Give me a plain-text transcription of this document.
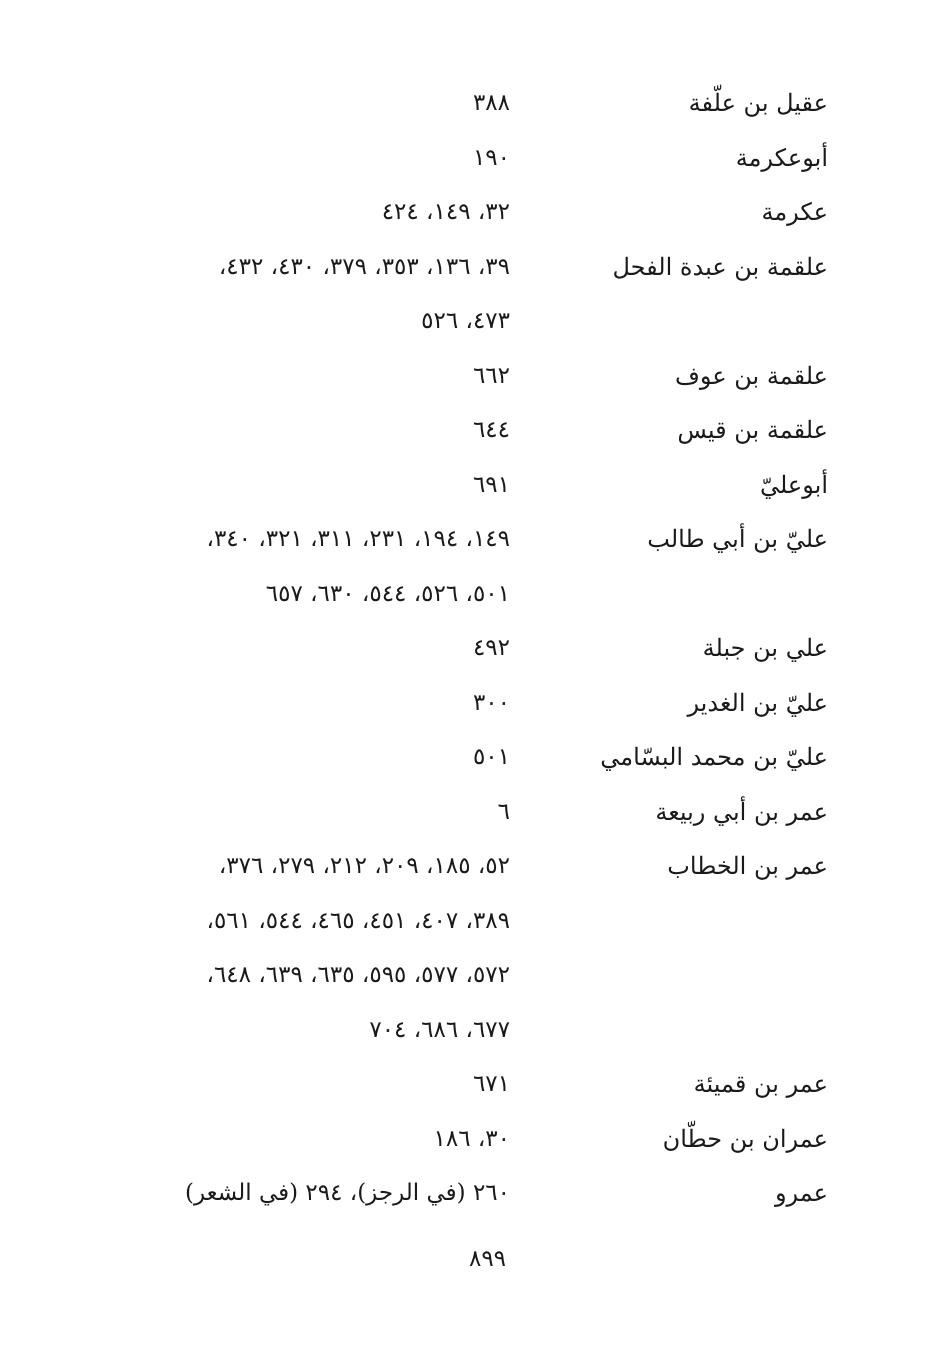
عقيل بن علّفة
٣٨٨
أبوعكرمة
١٩٠
عكرمة
٣٢، ١٤٩، ٤٢٤
علقمة بن عبدة الفحل
٣٩، ١٣٦، ٣٥٣، ٣٧٩، ٤٣٠، ٤٣٢،
٤٧٣، ٥٢٦
علقمة بن عوف
٦٦٢
علقمة بن قيس
٦٤٤
أبوعليّ
٦٩١
عليّ بن أبي طالب
١٤٩، ١٩٤، ٢٣١، ٣١١، ٣٢١، ٣٤٠،
٥٠١، ٥٢٦، ٥٤٤، ٦٣٠، ٦٥٧
علي بن جبلة
٤٩٢
عليّ بن الغدير
٣٠٠
عليّ بن محمد البسّامي
٥٠١
عمر بن أبي ربيعة
٦
عمر بن الخطاب
٥٢، ١٨٥، ٢٠٩، ٢١٢، ٢٧٩، ٣٧٦،
٣٨٩، ٤٠٧، ٤٥١، ٤٦٥، ٥٤٤، ٥٦١،
٥٧٢، ٥٧٧، ٥٩٥، ٦٣٥، ٦٣٩، ٦٤٨،
٦٧٧، ٦٨٦، ٧٠٤
عمر بن قميئة
٦٧١
عمران بن حطّان
٣٠، ١٨٦
عمرو
٢٦٠ (في الرجز)، ٢٩٤ (في الشعر)
٨٩٩
